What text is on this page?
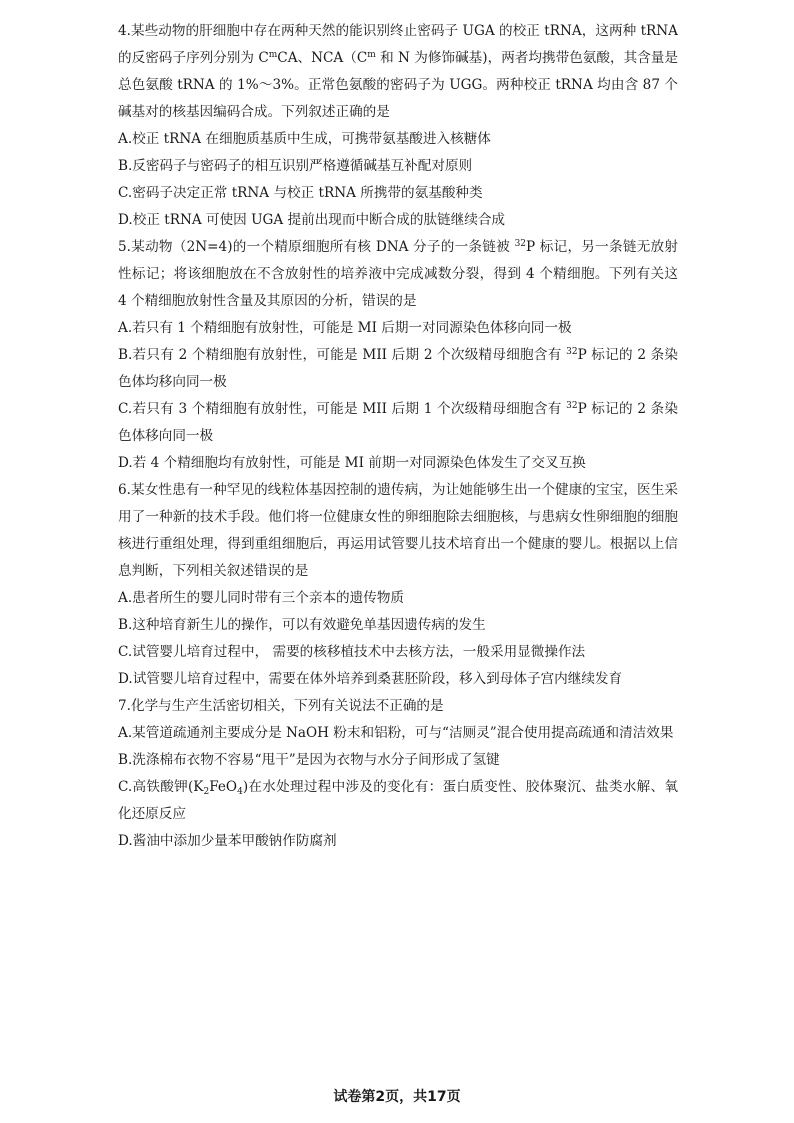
4.某些动物的肝细胞中存在两种天然的能识别终止密码子 UGA 的校正 tRNA，这两种 tRNA 的反密码子序列分别为 $C^mCA$、$NCA(C^m$ 和 N 为修饰碱基)，两者均携带色氨酸，其含量是总色氨酸 tRNA 的 1%～3%。正常色氨酸的密码子为 UGG。两种校正 tRNA 均由含 87 个碱基对的核基因编码合成。下列叙述正确的是

A.校正 tRNA 在细胞质基质中生成，可携带氨基酸进入核糖体

B.反密码子与密码子的相互识别严格遵循碱基互补配对原则

C.密码子决定正常 tRNA 与校正 tRNA 所携带的氨基酸种类

D.校正 tRNA 可使因 UGA 提前出现而中断合成的肽链继续合成

5.某动物（2N=4)的一个精原细胞所有核 DNA 分子的一条链被 $^{32}$P 标记，另一条链无放射性标记；将该细胞放在不含放射性的培养液中完成减数分裂，得到 4 个精细胞。下列有关这 4 个精细胞放射性含量及其原因的分析，错误的是

A.若只有 1 个精细胞有放射性，可能是 MI 后期一对同源染色体移向同一极

B.若只有 2 个精细胞有放射性，可能是 MII 后期 2 个次级精母细胞含有 $^{32}$P 标记的 2 条染色体均移向同一极

C.若只有 3 个精细胞有放射性，可能是 MII 后期 1 个次级精母细胞含有 $^{32}$P 标记的 2 条染色体移向同一极

D.若 4 个精细胞均有放射性，可能是 MI 前期一对同源染色体发生了交叉互换

6.某女性患有一种罕见的线粒体基因控制的遗传病，为让她能够生出一个健康的宝宝，医生采用了一种新的技术手段。他们将一位健康女性的卵细胞除去细胞核，与患病女性卵细胞的细胞核进行重组处理，得到重组细胞后，再运用试管婴儿技术培育出一个健康的婴儿。根据以上信息判断，下列相关叙述错误的是

A.患者所生的婴儿同时带有三个亲本的遗传物质

B.这种培育新生儿的操作，可以有效避免单基因遗传病的发生

C.试管婴儿培育过程中， 需要的核移植技术中去核方法，一般采用显微操作法

D.试管婴儿培育过程中，需要在体外培养到桑葚胚阶段，移入到母体子宫内继续发育

7.化学与生产生活密切相关，下列有关说法不正确的是

A.某管道疏通剂主要成分是 NaOH 粉末和铝粉，可与“洁厕灵”混合使用提高疏通和清洁效果

B.洗涤棉布衣物不容易“甩干”是因为衣物与水分子间形成了氢键

C.高铁酸钾$(K_2FeO_4)$在水处理过程中涉及的变化有：蛋白质变性、胶体聚沉、盐类水解、氧化还原反应

D.酱油中添加少量苯甲酸钠作防腐剂

试卷第2页，共17页
